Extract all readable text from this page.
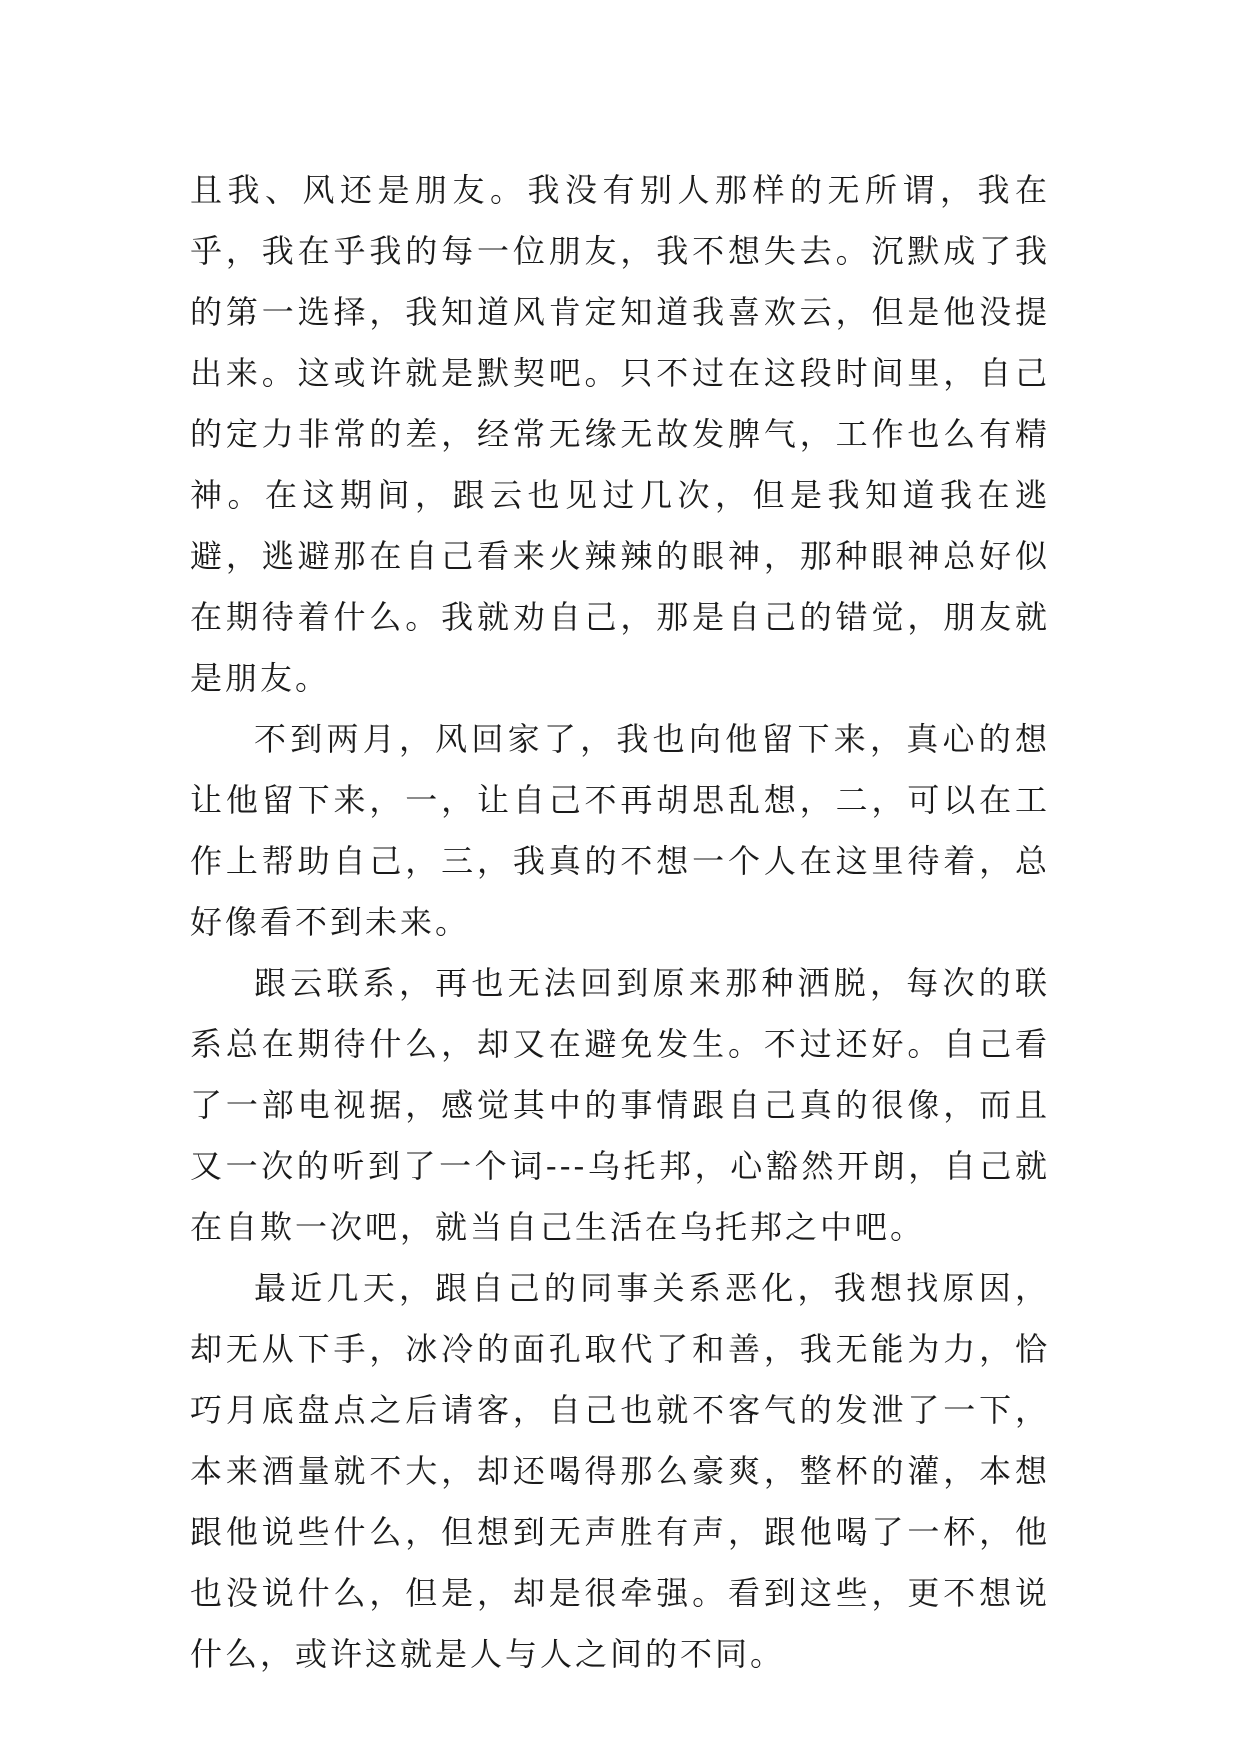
且我、风还是朋友。我没有别人那样的无所谓，我在乎，我在乎我的每一位朋友，我不想失去。沉默成了我的第一选择，我知道风肯定知道我喜欢云，但是他没提出来。这或许就是默契吧。只不过在这段时间里，自己的定力非常的差，经常无缘无故发脾气，工作也么有精神。在这期间，跟云也见过几次，但是我知道我在逃避，逃避那在自己看来火辣辣的眼神，那种眼神总好似在期待着什么。我就劝自己，那是自己的错觉，朋友就是朋友。

不到两月，风回家了，我也向他留下来，真心的想让他留下来，一，让自己不再胡思乱想，二，可以在工作上帮助自己，三，我真的不想一个人在这里待着，总好像看不到未来。

跟云联系，再也无法回到原来那种洒脱，每次的联系总在期待什么，却又在避免发生。不过还好。自己看了一部电视据，感觉其中的事情跟自己真的很像，而且又一次的听到了一个词---乌托邦，心豁然开朗，自己就在自欺一次吧，就当自己生活在乌托邦之中吧。

最近几天，跟自己的同事关系恶化，我想找原因，却无从下手，冰冷的面孔取代了和善，我无能为力，恰巧月底盘点之后请客，自己也就不客气的发泄了一下，本来酒量就不大，却还喝得那么豪爽，整杯的灌，本想跟他说些什么，但想到无声胜有声，跟他喝了一杯，他也没说什么，但是，却是很牵强。看到这些，更不想说什么，或许这就是人与人之间的不同。
